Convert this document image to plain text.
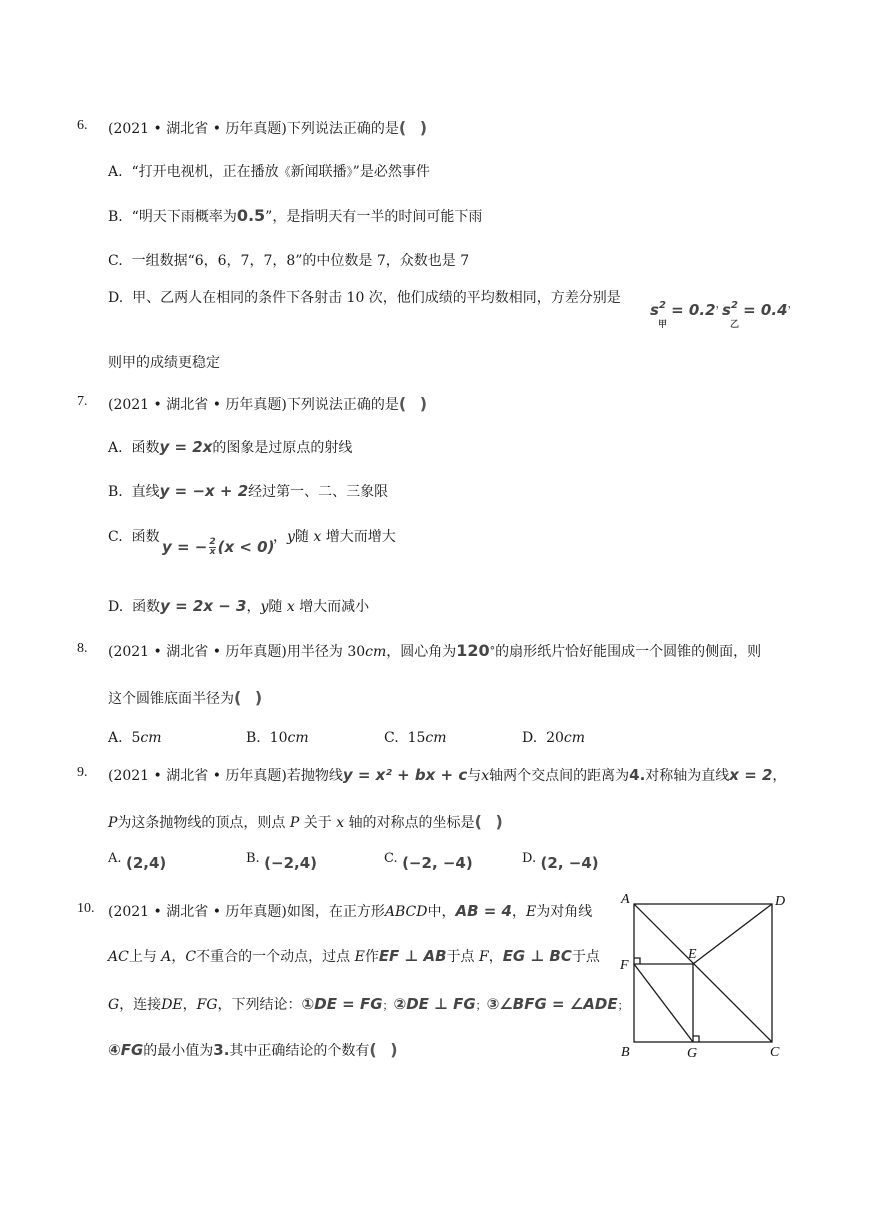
6. (2021 • 湖北省 • 历年真题)下列说法正确的是( )
A. “打开电视机，正在播放《新闻联播》”是必然事件
B. “明天下雨概率为0.5”，是指明天有一半的时间可能下雨
C. 一组数据“6，6，7，7，8”的中位数是 7，众数也是 7
D. 甲、乙两人在相同的条件下各射击 10 次，他们成绩的平均数相同，方差分别是
s2
甲
= 0.2，
s2
乙
= 0.4，
则甲的成绩更稳定
7. (2021 • 湖北省 • 历年真题)下列说法正确的是( )
A. 函数y = 2x的图象是过原点的射线
B. 直线y = −x + 2经过第一、二、三象限
C. 函数
y = − $\frac{2}{x} (x < 0)$
，y随 x 增大而增大
D. 函数y = 2x − 3，y随 x 增大而减小
8. (2021 • 湖北省 • 历年真题)用半径为 30cm，圆心角为120°的扇形纸片恰好能围成一个圆锥的侧面，则
这个圆锥底面半径为( )
A. 5cm	B. 10cm	C. 15cm	D. 20cm
9. (2021 • 湖北省 • 历年真题)若抛物线y = x² + bx + c与x轴两个交点间的距离为4.对称轴为直线x = 2，
P为这条抛物线的顶点，则点 P 关于 x 轴的对称点的坐标是( )
A. (2,4)	B. (−2,4)	C. (−2, −4)	D. (2, −4)
10. (2021 • 湖北省 • 历年真题)如图，在正方形ABCD中，AB = 4，E为对角线
AC上与 A，C不重合的一个动点，过点 E作EF ⊥ AB于点 F，EG ⊥ BC于点
G，连接DE，FG，下列结论：①DE = FG；②DE ⊥ FG；③∠BFG = ∠ADE；
④FG的最小值为3.其中正确结论的个数有( )
A	D
E
F
B	G	C
